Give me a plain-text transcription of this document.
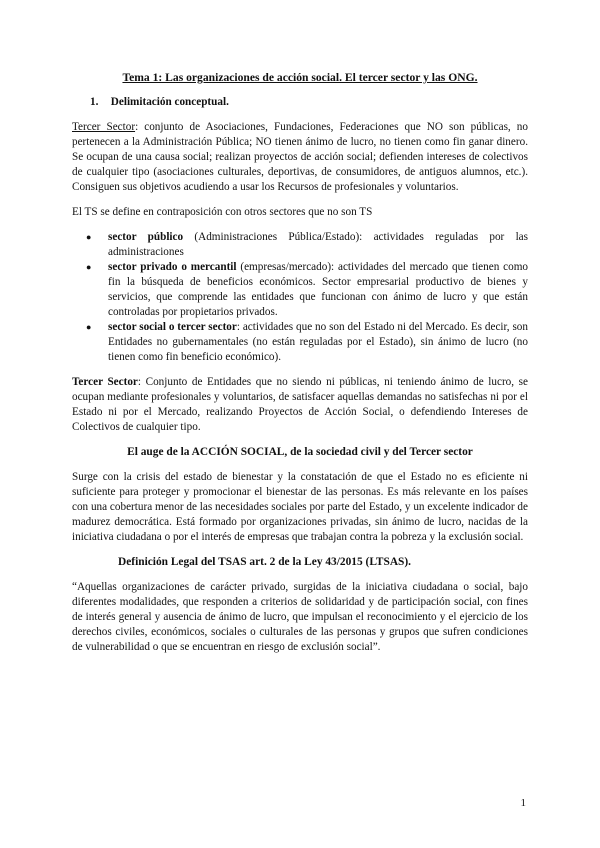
Tema 1: Las organizaciones de acción social. El tercer sector y las ONG.
1. Delimitación conceptual.

Tercer Sector: conjunto de Asociaciones, Fundaciones, Federaciones que NO son públicas, no pertenecen a la Administración Pública; NO tienen ánimo de lucro, no tienen como fin ganar dinero. Se ocupan de una causa social; realizan proyectos de acción social; defienden intereses de colectivos de cualquier tipo (asociaciones culturales, deportivas, de consumidores, de antiguos alumnos, etc.). Consiguen sus objetivos acudiendo a usar los Recursos de profesionales y voluntarios.

El TS se define en contraposición con otros sectores que no son TS

● sector público (Administraciones Pública/Estado): actividades reguladas por las administraciones
● sector privado o mercantil (empresas/mercado): actividades del mercado que tienen como fin la búsqueda de beneficios económicos. Sector empresarial productivo de bienes y servicios, que comprende las entidades que funcionan con ánimo de lucro y que están controladas por propietarios privados.
● sector social o tercer sector: actividades que no son del Estado ni del Mercado. Es decir, son Entidades no gubernamentales (no están reguladas por el Estado), sin ánimo de lucro (no tienen como fin beneficio económico).

Tercer Sector: Conjunto de Entidades que no siendo ni públicas, ni teniendo ánimo de lucro, se ocupan mediante profesionales y voluntarios, de satisfacer aquellas demandas no satisfechas ni por el Estado ni por el Mercado, realizando Proyectos de Acción Social, o defendiendo Intereses de Colectivos de cualquier tipo.

El auge de la ACCIÓN SOCIAL, de la sociedad civil y del Tercer sector

Surge con la crisis del estado de bienestar y la constatación de que el Estado no es eficiente ni suficiente para proteger y promocionar el bienestar de las personas. Es más relevante en los países con una cobertura menor de las necesidades sociales por parte del Estado, y un excelente indicador de madurez democrática. Está formado por organizaciones privadas, sin ánimo de lucro, nacidas de la iniciativa ciudadana o por el interés de empresas que trabajan contra la pobreza y la exclusión social.

Definición Legal del TSAS art. 2 de la Ley 43/2015 (LTSAS).

“Aquellas organizaciones de carácter privado, surgidas de la iniciativa ciudadana o social, bajo diferentes modalidades, que responden a criterios de solidaridad y de participación social, con fines de interés general y ausencia de ánimo de lucro, que impulsan el reconocimiento y el ejercicio de los derechos civiles, económicos, sociales o culturales de las personas y grupos que sufren condiciones de vulnerabilidad o que se encuentran en riesgo de exclusión social”.

1
